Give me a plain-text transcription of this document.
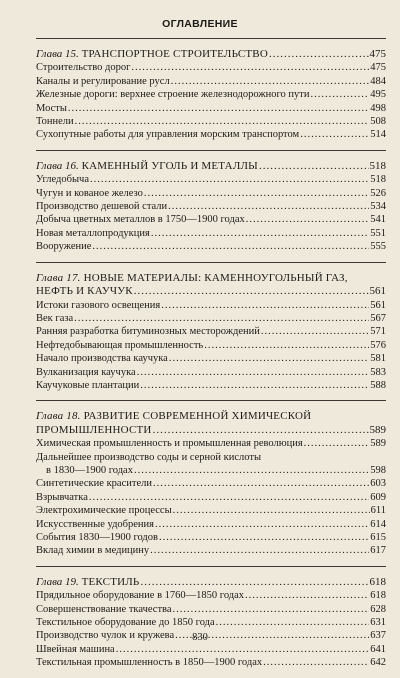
ОГЛАВЛЕНИЕ
Глава 15. ТРАНСПОРТНОЕ СТРОИТЕЛЬСТВО .....	475
Строительство дорог .....	475
Каналы и регулирование русл .....	484
Железные дороги: верхнее строение железнодорожного пути .....	495
Мосты .....	498
Тоннели .....	508
Сухопутные работы для управления морским транспортом .....	514
Глава 16. КАМЕННЫЙ УГОЛЬ И МЕТАЛЛЫ .....	518
Угледобыча .....	518
Чугун и кованое железо .....	526
Производство дешевой стали .....	534
Добыча цветных металлов в 1750—1900 годах .....	541
Новая металлопродукция .....	551
Вооружение .....	555
Глава 17. НОВЫЕ МАТЕРИАЛЫ: КАМЕННОУГОЛЬНЫЙ ГАЗ,
НЕФТЬ И КАУЧУК .....	561
Истоки газового освещения .....	561
Век газа .....	567
Ранняя разработка битуминозных месторождений .....	571
Нефтедобывающая промышленность .....	576
Начало производства каучука .....	581
Вулканизация каучука .....	583
Каучуковые плантации .....	588
Глава 18. РАЗВИТИЕ СОВРЕМЕННОЙ ХИМИЧЕСКОЙ
ПРОМЫШЛЕННОСТИ .....	589
Химическая промышленность и промышленная революция .....	589
Дальнейшее производство соды и серной кислоты
в 1830—1900 годах .....	598
Синтетические красители .....	603
Взрывчатка .....	609
Электрохимические процессы .....	611
Искусственные удобрения .....	614
События 1830—1900 годов .....	615
Вклад химии в медицину .....	617
Глава 19. ТЕКСТИЛЬ .....	618
Прядильное оборудование в 1760—1850 годах .....	618
Совершенствование ткачества .....	628
Текстильное оборудование до 1850 года .....	631
Производство чулок и кружева .....	637
Швейная машина .....	641
Текстильная промышленность в 1850—1900 годах .....	642
830
